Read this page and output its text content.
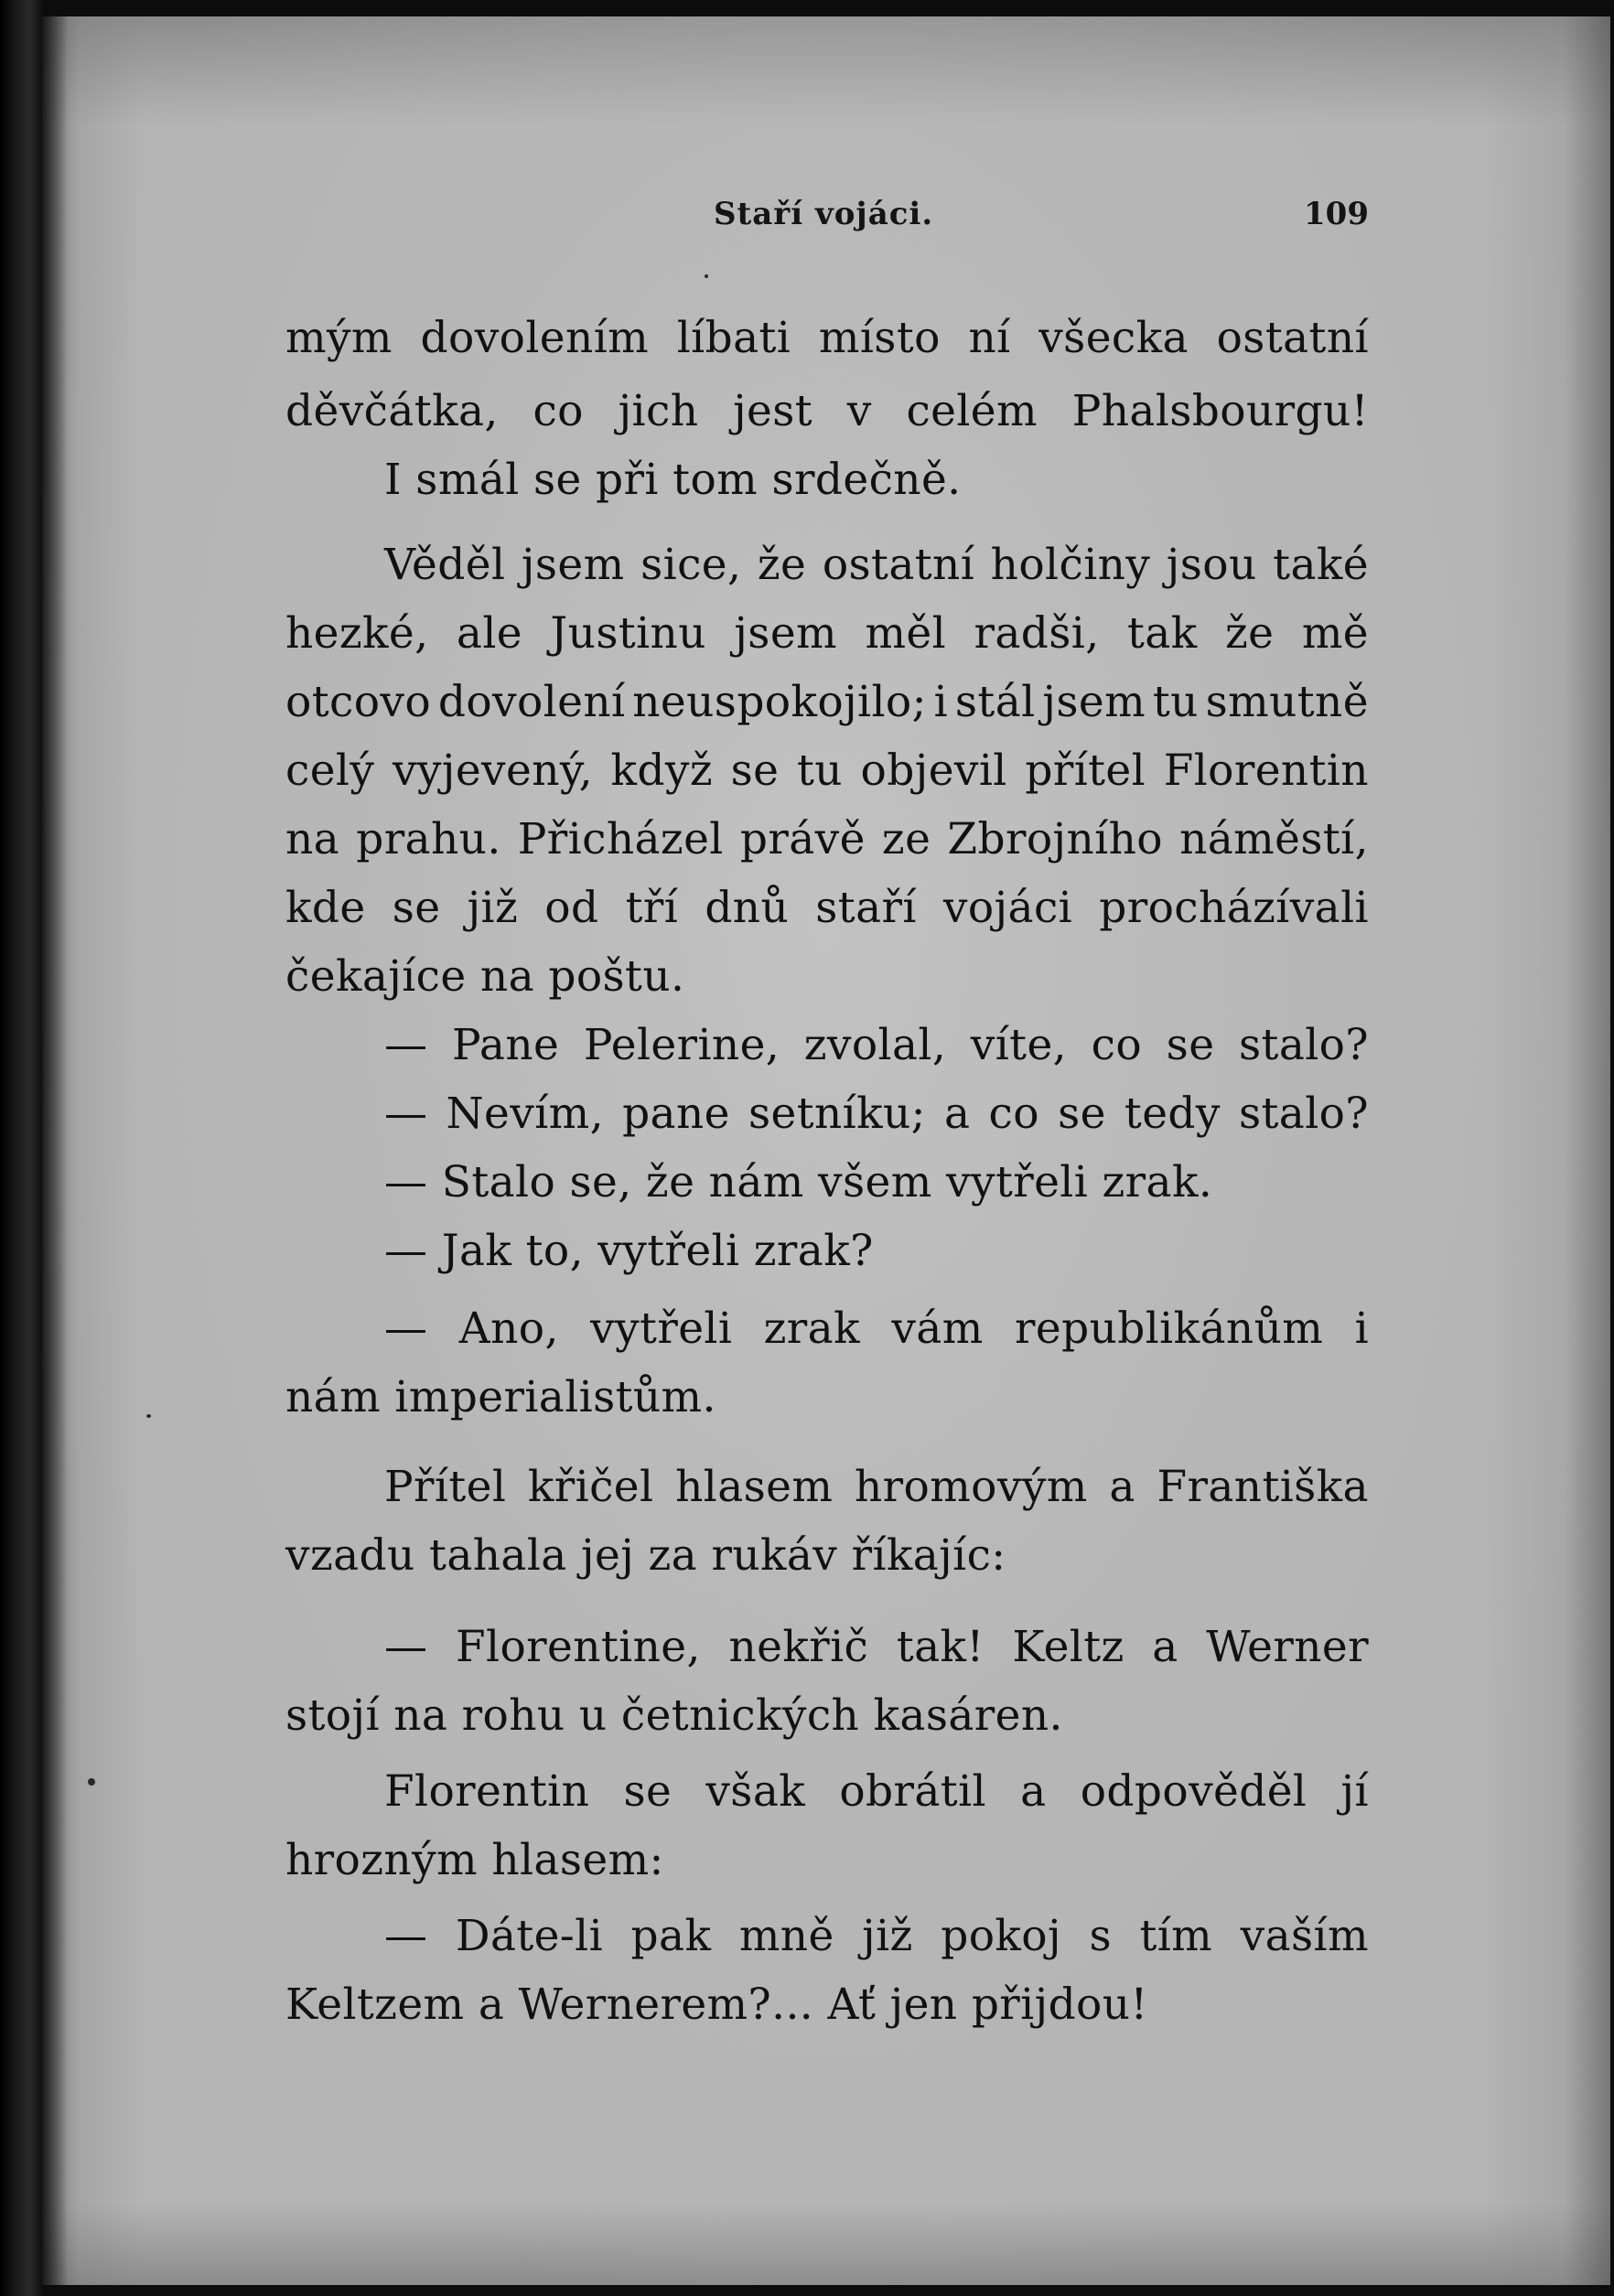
Staří vojáci.	109
mým dovolením líbati místo ní všecka ostatní
děvčátka, co jich jest v celém Phalsbourgu!
I smál se při tom srdečně.
Věděl jsem sice, že ostatní holčiny jsou také
hezké, ale Justinu jsem měl radši, tak že mě
otcovo dovolení neuspokojilo; i stál jsem tu smutně
celý vyjevený, když se tu objevil přítel Florentin
na prahu. Přicházel právě ze Zbrojního náměstí,
kde se již od tří dnů staří vojáci procházívali
čekajíce na poštu.
— Pane Pelerine, zvolal, víte, co se stalo?
— Nevím, pane setníku; a co se tedy stalo?
— Stalo se, že nám všem vytřeli zrak.
— Jak to, vytřeli zrak?
— Ano, vytřeli zrak vám republikánům i
nám imperialistům.
Přítel křičel hlasem hromovým a Františka
vzadu tahala jej za rukáv říkajíc:
— Florentine, nekřič tak! Keltz a Werner
stojí na rohu u četnických kasáren.
Florentin se však obrátil a odpověděl jí
hrozným hlasem:
— Dáte-li pak mně již pokoj s tím vaším
Keltzem a Wernerem?... Ať jen přijdou!
